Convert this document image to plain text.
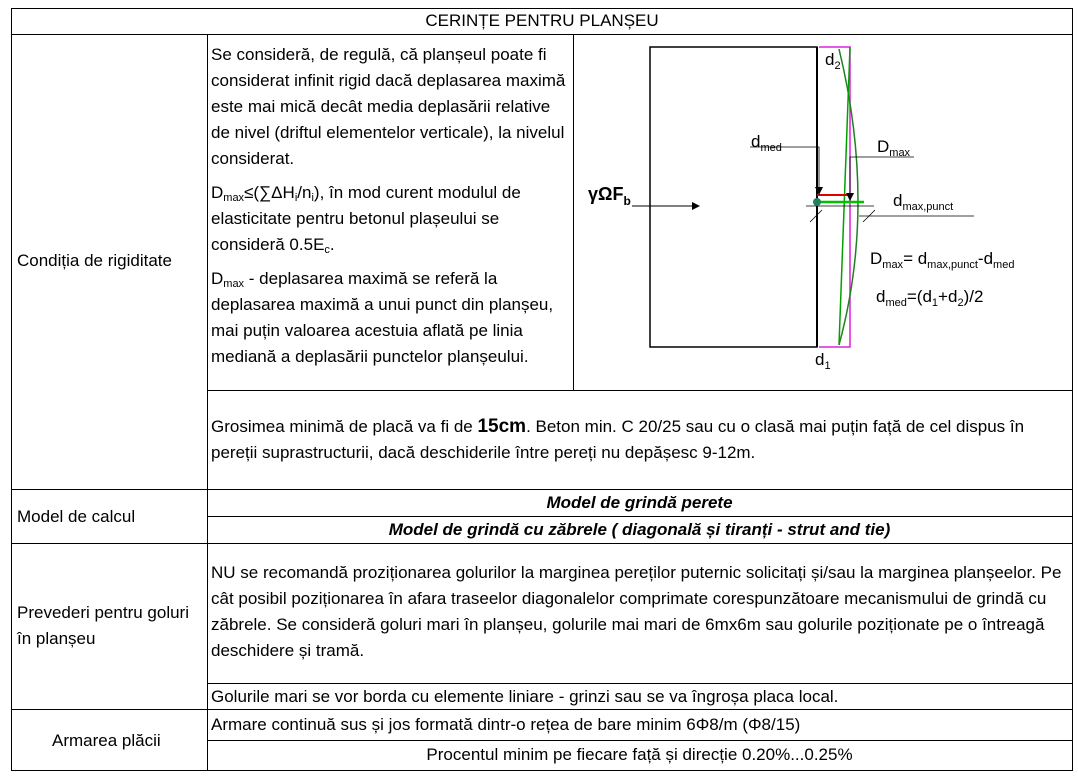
CERINȚE PENTRU PLANȘEU
Condiția de rigiditate
Se consideră, de regulă, că planșeul poate fi considerat infinit rigid dacă deplasarea maximă este mai mică decât media deplasării relative de nivel (driftul elementelor verticale), la nivelul considerat.
$D_{max}\le(\sum\Delta H_i/n_i)$, în mod curent modulul de elasticitate pentru betonul plașeului se consideră $0.5E_c$.
$D_{max}$ - deplasarea maximă se referă la deplasarea maximă a unui punct din planșeu, mai puțin valoarea acestuia aflată pe linia mediană a deplasării punctelor planșeului.
$d_2$
$d_1$
$d_{med}$	$D_{max}$
$d_{max,punct}$
γΩF$_b$
$D_{max}= d_{max,punct}-d_{med}$
$d_{med}=(d_1+d_2)/2$
Grosimea minimă de placă va fi de 15cm. Beton min. C 20/25 sau cu o clasă mai puțin față de cel dispus în pereții suprastructurii, dacă deschiderile între pereți nu depășesc 9-12m.
Model de calcul
Model de grindă perete
Model de grindă cu zăbrele ( diagonală și tiranți - strut and tie)
Prevederi pentru goluri în planșeu
NU se recomandă proziționarea golurilor la marginea pereților puternic solicitați și/sau la marginea planșeelor. Pe cât posibil poziționarea în afara traseelor diagonalelor comprimate corespunzătoare mecanismului de grindă cu zăbrele. Se consideră goluri mari în planșeu, golurile mai mari de 6mx6m sau golurile poziționate pe o întreagă deschidere și tramă.
Golurile mari se vor borda cu elemente liniare - grinzi sau se va îngroșa placa local.
Armarea plăcii
Armare continuă sus și jos formată dintr-o rețea de bare minim 6Φ8/m (Φ8/15)
Procentul minim pe fiecare față și direcție 0.20%...0.25%
